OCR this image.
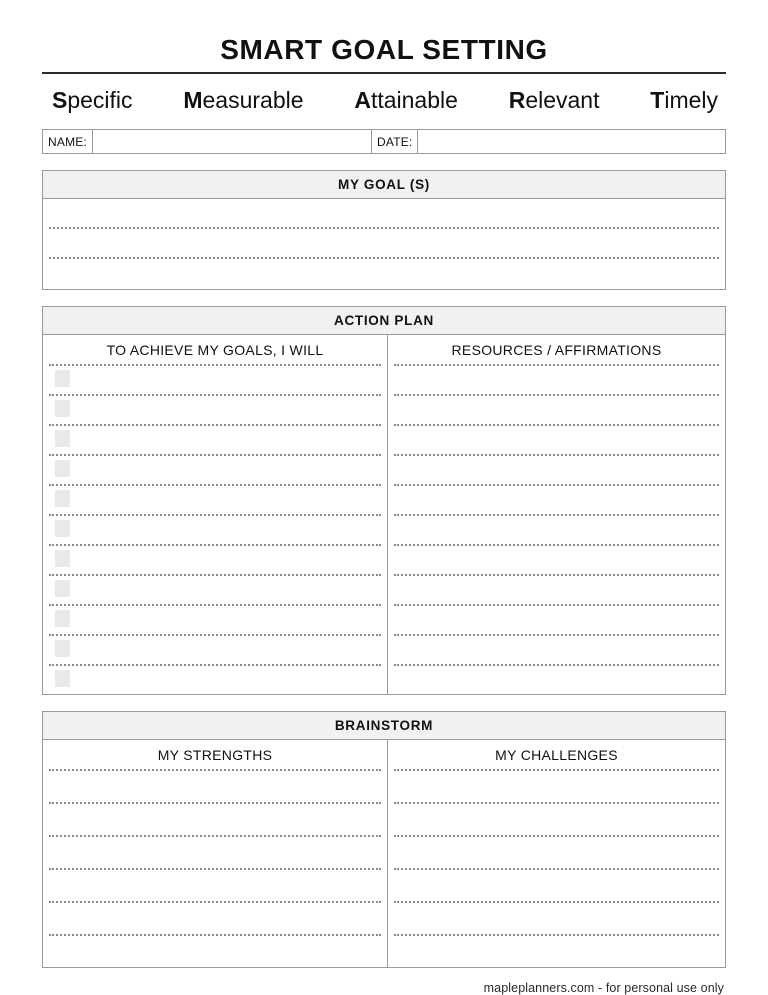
SMART GOAL SETTING
Specific Measurable Attainable Relevant Timely
NAME:	DATE:
MY GOAL (S)
ACTION PLAN
TO ACHIEVE MY GOALS, I WILL	RESOURCES / AFFIRMATIONS
BRAINSTORM
MY STRENGTHS	MY CHALLENGES
mapleplanners.com - for personal use only
